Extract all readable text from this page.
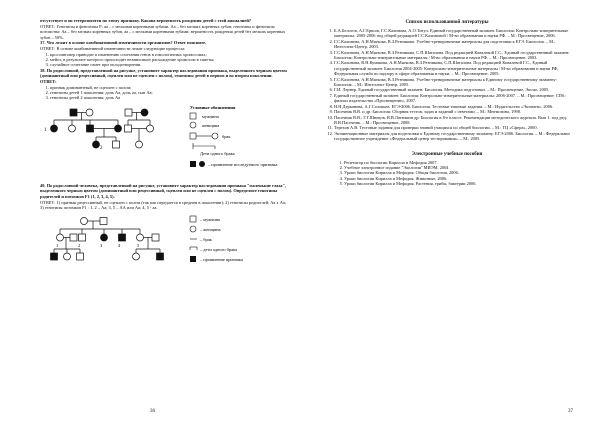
отсутствует и он гетерозиготен по этому признаку. Какова вероятность рождения детей с этой аномалией?

ОТВЕТ: Генотипы и фенотипы Р: аа – с мелкими коренными зубами, Аа – без мелких коренных зубов; генотипы и фенотипы потомства: Аа – без мелких коренных зубов, аа – с мелкими коренными зубами; вероятность рождения детей без мелких коренных зубов – 50%.

37. Что лежит в основе комбинативной изменчивости организмов? Ответ поясните.

ОТВЕТ: В основе комбинативной изменчивости лежат следующие процессы:

1. кроссинговер приводит к изменению сочетания генов в гомологичных хромосомах;
2. мейоз, в результате которого происходит независимое расхождение хромосом в гаметы;
3. случайное сочетание гамет при оплодотворении.

38. По родословной, представленной на рисунке, установите характер наследования признака, выделенного черным цветом (доминантный или рецессивный, сцеплен или не сцеплен с полом), генотипы детей в первом и во втором поколении.

ОТВЕТ:

1. признак доминантный, не сцеплен с полом;
2. генотипы детей 1 поколения: дочь Аа, дочь аа, сын Аа;
3. генотипы детей 2 поколения: дочь Аа
1
2
Условные обозначения
мужчина
женщина
брак
Дети одного брака
– проявление исследуемого признака

40. По родословной человека, представленной на рисунке, установите характер наследования признака "маленькие глаза", выделенного черным цветом (доминантный или рецессивный, сцеплен или не сцеплен с полом). Определите генотипы родителей и потомков F1 (1, 2, 3, 4, 5).

ОТВЕТ: 1) признак рецессивный, не сцеплен с полом (так как передается в среднем в поколении); 2) генотипы родителей: Аа х Аа; 3) генотипы потомков F1 : 1, 2 – Аа; 3, 5 – АА или Аа; 4, 5 - аа.

1	2	3	4	5
– мужчина
– женщина
– брак
– дети одного брака
– проявление признака
36
Список использованной литературы
1. Б.А.Белогов, А.Г.Ершов, Г.С.Калинова, А.О.Титул. Единый государственный экзамен. Биология: Контрольно-измерительные материалы: 2005-2006 под общей редакцией Г.С.Калиновой / М-во образования и науки РФ. – М.: Просвещение, 2006.
2. Г.С.Калинова, А.Н.Мягкова, В.З.Резникова. Учебно-тренировочные материалы для подготовки к ЕГЭ. Биология. – М.: Интеллект-Центр, 2003.
3. Г.С.Калинова, А.Н.Мягкова, В.З.Резникова, С.П.Шаталова. Под редакцией Ковалевой Г.С., Единый государственный экзамен: Биология: Контрольно-измерительные материалы / М-во образования и науки РФ. – М.: Просвещение, 2003.
4. Г.С.Калинова, В.Н.Кумакова, А.Н.Мягкова, В.З.Резникова, С.П.Шаталова. Под редакцией Ковалевой Г.С., Единый государственный экзамен: Биология 2004-2005: Контрольно-измерительные материалы / М-во образования и науки РФ, Федеральная служба по надзору в сфере образования и науки. – М.: Просвещение, 2005.
5. Г.С.Калинова, А.Н.Мягкова, В.З.Резникова. Учебно-тренировочные материалы к Единому государственному экзамену: Биология. – М.: Интеллект-Центр, 2005.
6. Г.И. Лернер. Единый государственный экзамен: Биология. Методика подготовки. – М.: Просвещение, Эксмо, 2005.
7. Единый государственный экзамен: Биология: Контрольно-измерительные материалы: 2006-2007. – М.: Просвещение; СПб.: филиал издательства «Просвещение», 2007.
8. Н.Н.Дерканова, А.Г.Соловьев. ЕГЭ-2006. Биология. Тестовые типовые задания. – М.: Издательство «Экзамен», 2006.
9. Пасечник В.В. и др. Биология: Сборник тестов, задач и заданий с ответами. – М.: Мнемозина, 1998.
10. Пасечник В.В., Г.Г.Швецов, В.В.Латюшин др. Биология в 8-е классе. Рекомендации методического журнала. Вып 1. под ред. В.В.Пасечник. – М.: Просвещение, 2008.
11. Терехов А.В. Тестовые задания для проверки знаний учащихся по общей биологии. – М.: ТЦ «Сфера», 2000.
12. Экзаменационные материалы для подготовки к Единому государственному экзамену. ЕГЭ-2006. Биология. – М.: Федеральное государственное учреждение «Федеральный центр тестирования». – М., 2005.
Электронные учебные пособия
1. Репетитор по биологии Кирилла и Мефодия 2007.
2. Учебное электронное издание "Экология" МИЭМ. 2004
3. Уроки биологии Кирилла и Мефодия. Общая биология, 2006.
4. Уроки биологии Кирилла и Мефодия. Животные, 2006.
5. Уроки биологии Кирилла и Мефодия. Растения, грибы, бактерии 2006.
37
